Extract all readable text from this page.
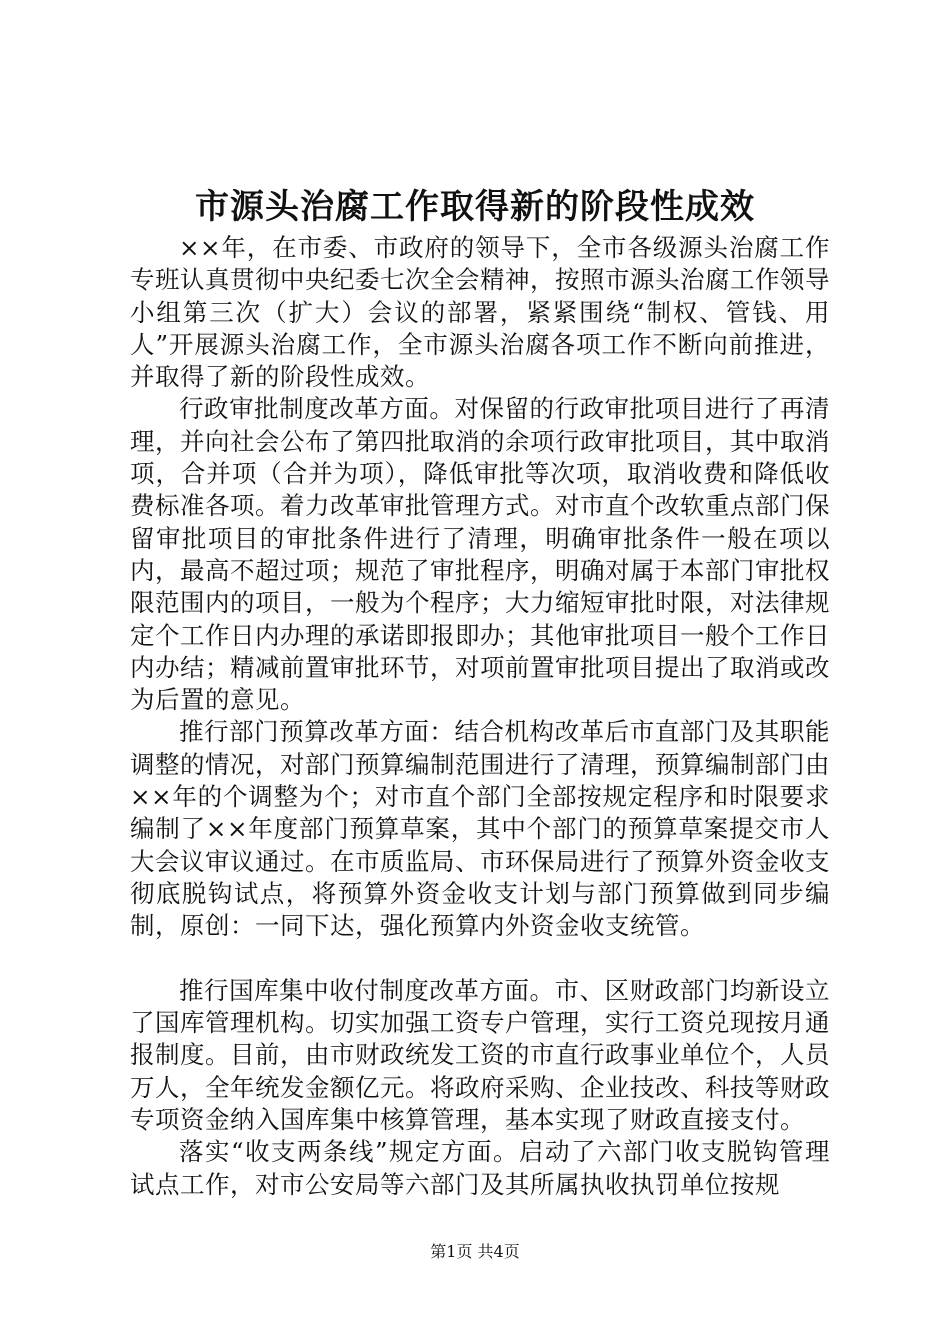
市源头治腐工作取得新的阶段性成效

××年，在市委、市政府的领导下，全市各级源头治腐工作专班认真贯彻中央纪委七次全会精神，按照市源头治腐工作领导小组第三次（扩大）会议的部署，紧紧围绕“制权、管钱、用人”开展源头治腐工作，全市源头治腐各项工作不断向前推进，并取得了新的阶段性成效。

行政审批制度改革方面。对保留的行政审批项目进行了再清理，并向社会公布了第四批取消的余项行政审批项目，其中取消项，合并项（合并为项），降低审批等次项，取消收费和降低收费标准各项。着力改革审批管理方式。对市直个改软重点部门保留审批项目的审批条件进行了清理，明确审批条件一般在项以内，最高不超过项；规范了审批程序，明确对属于本部门审批权限范围内的项目，一般为个程序；大力缩短审批时限，对法律规定个工作日内办理的承诺即报即办；其他审批项目一般个工作日内办结；精减前置审批环节，对项前置审批项目提出了取消或改为后置的意见。

推行部门预算改革方面：结合机构改革后市直部门及其职能调整的情况，对部门预算编制范围进行了清理，预算编制部门由××年的个调整为个；对市直个部门全部按规定程序和时限要求编制了××年度部门预算草案，其中个部门的预算草案提交市人大会议审议通过。在市质监局、市环保局进行了预算外资金收支彻底脱钩试点，将预算外资金收支计划与部门预算做到同步编制，原创：一同下达，强化预算内外资金收支统管。

推行国库集中收付制度改革方面。市、区财政部门均新设立了国库管理机构。切实加强工资专户管理，实行工资兑现按月通报制度。目前，由市财政统发工资的市直行政事业单位个，人员万人，全年统发金额亿元。将政府采购、企业技改、科技等财政专项资金纳入国库集中核算管理，基本实现了财政直接支付。

落实“收支两条线”规定方面。启动了六部门收支脱钩管理试点工作，对市公安局等六部门及其所属执收执罚单位按规

第1页 共4页
